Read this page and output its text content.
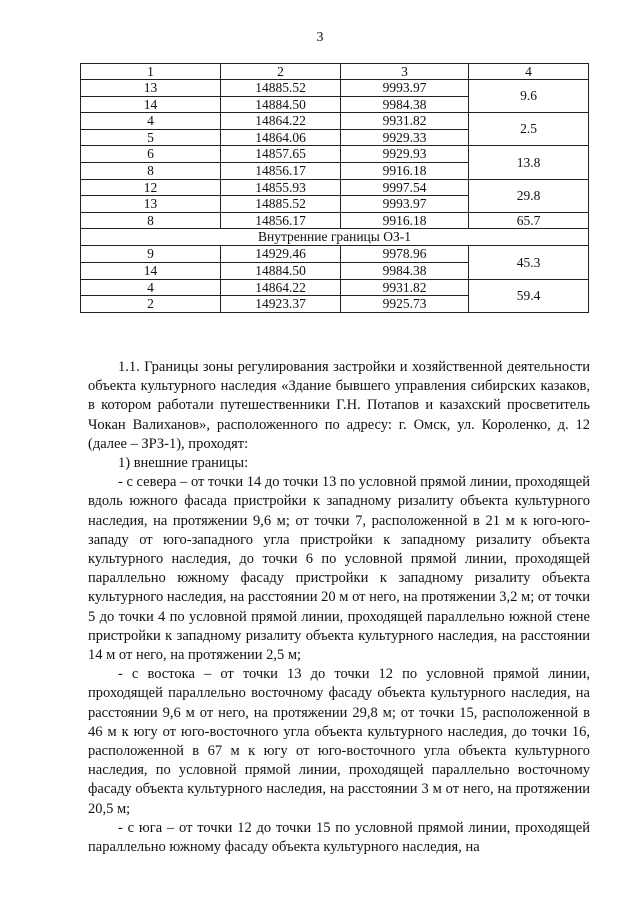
3
1	2	3	4
13	14885.52	9993.97	9.6
14	14884.50	9984.38	
4	14864.22	9931.82	2.5
5	14864.06	9929.33	
6	14857.65	9929.93	13.8
8	14856.17	9916.18	
12	14855.93	9997.54	29.8
13	14885.52	9993.97	
8	14856.17	9916.18	65.7
Внутренние границы ОЗ-1			
9	14929.46	9978.96	45.3
14	14884.50	9984.38	
4	14864.22	9931.82	59.4
2	14923.37	9925.73	

1.1. Границы зоны регулирования застройки и хозяйственной деятельности объекта культурного наследия «Здание бывшего управления сибирских казаков, в котором работали путешественники Г.Н. Потапов и казахский просветитель Чокан Валиханов», расположенного по адресу: г. Омск, ул. Короленко, д. 12 (далее – ЗРЗ-1), проходят:

1) внешние границы:

- с севера – от точки 14 до точки 13 по условной прямой линии, проходящей вдоль южного фасада пристройки к западному ризалиту объекта культурного наследия, на протяжении 9,6 м; от точки 7, расположенной в 21 м к юго-юго-западу от юго-западного угла пристройки к западному ризалиту объекта культурного наследия, до точки 6 по условной прямой линии, проходящей параллельно южному фасаду пристройки к западному ризалиту объекта культурного наследия, на расстоянии 20 м от него, на протяжении 3,2 м; от точки 5 до точки 4 по условной прямой линии, проходящей параллельно южной стене пристройки к западному ризалиту объекта культурного наследия, на расстоянии 14 м от него, на протяжении 2,5 м;

- с востока – от точки 13 до точки 12 по условной прямой линии, проходящей параллельно восточному фасаду объекта культурного наследия, на расстоянии 9,6 м от него, на протяжении 29,8 м; от точки 15, расположенной в 46 м к югу от юго-восточного угла объекта культурного наследия, до точки 16, расположенной в 67 м к югу от юго-восточного угла объекта культурного наследия, по условной прямой линии, проходящей параллельно восточному фасаду объекта культурного наследия, на расстоянии 3 м от него, на протяжении 20,5 м;

- с юга – от точки 12 до точки 15 по условной прямой линии, проходящей параллельно южному фасаду объекта культурного наследия, на
